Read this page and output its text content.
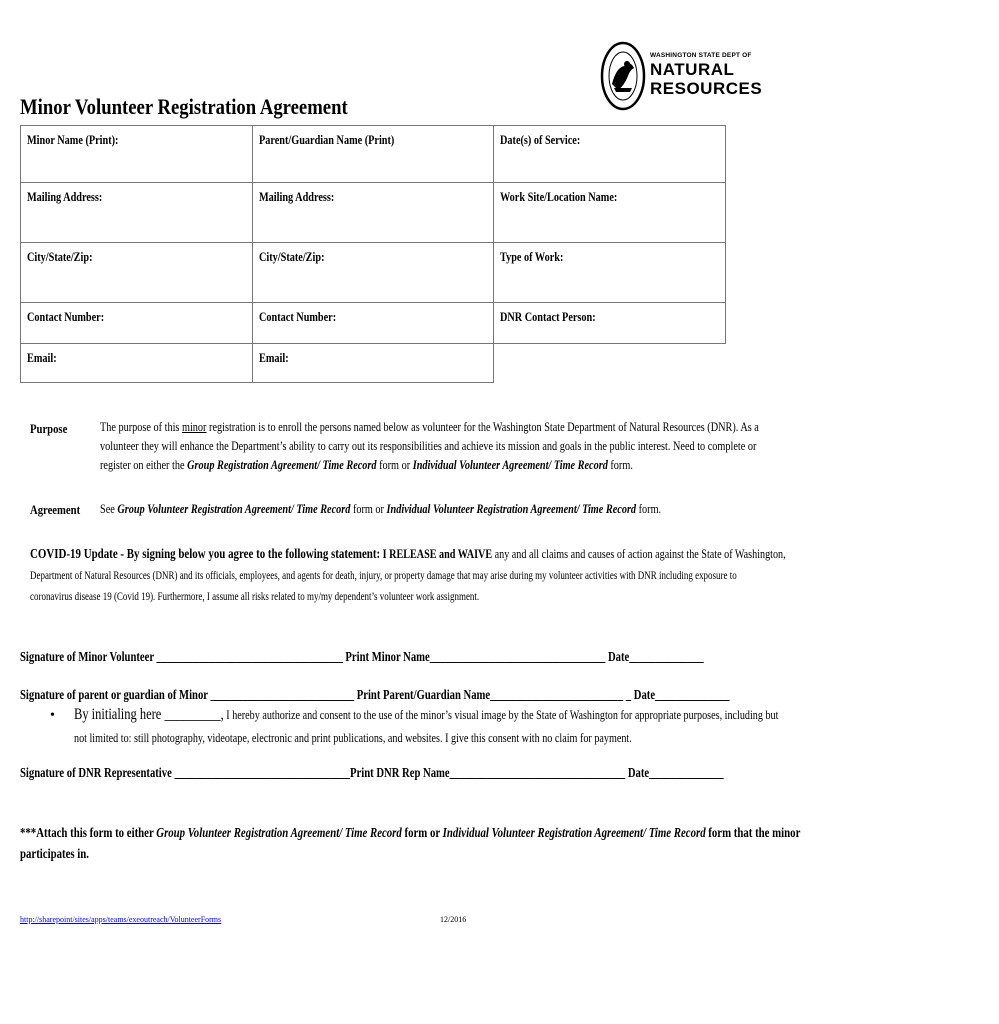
WASHINGTON STATE DEPT OF
NATURAL
RESOURCES
Minor Volunteer Registration Agreement
Minor Name (Print):	Parent/Guardian Name (Print)	Date(s) of Service:
Mailing Address:	Mailing Address:	Work Site/Location Name:
City/State/Zip:	City/State/Zip:	Type of Work:
Contact Number:	Contact Number:	DNR Contact Person:
Email:	Email:
Purpose	The purpose of this minor registration is to enroll the persons named below as volunteer for the Washington State Department of Natural Resources (DNR). As a
volunteer they will enhance the Department’s ability to carry out its responsibilities and achieve its mission and goals in the public interest. Need to complete or
register on either the Group Registration Agreement/ Time Record form or Individual Volunteer Agreement/ Time Record form.
Agreement See Group Volunteer Registration Agreement/ Time Record form or Individual Volunteer Registration Agreement/ Time Record form.
COVID-19 Update - By signing below you agree to the following statement: I RELEASE and WAIVE any and all claims and causes of action against the State of Washington,
Department of Natural Resources (DNR) and its officials, employees, and agents for death, injury, or property damage that may arise during my volunteer activities with DNR including exposure to
coronavirus disease 19 (Covid 19). Furthermore, I assume all risks related to my/my dependent’s volunteer work assignment.
Signature of Minor Volunteer ___________________________________ Print Minor Name_________________________________ Date______________
Signature of parent or guardian of Minor ___________________________ Print Parent/Guardian Name_________________________ _ Date______________
• By initialing here _________, I hereby authorize and consent to the use of the minor’s visual image by the State of Washington for appropriate purposes, including but
not limited to: still photography, videotape, electronic and print publications, and websites. I give this consent with no claim for payment.
Signature of DNR Representative _________________________________Print DNR Rep Name_________________________________ Date______________
***Attach this form to either Group Volunteer Registration Agreement/ Time Record form or Individual Volunteer Registration Agreement/ Time Record form that the minor
participates in.
http://sharepoint/sites/apps/teams/exeoutreach/VolunteerForms	12/2016
